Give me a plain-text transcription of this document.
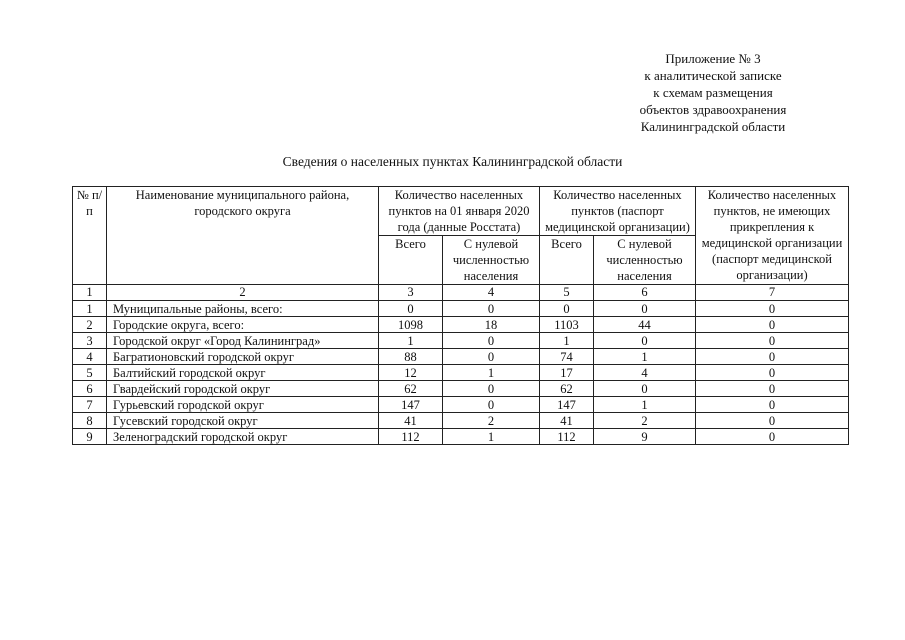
Приложение № 3
к аналитической записке
к схемам размещения
объектов здравоохранения
Калининградской области
Сведения о населенных пунктах Калининградской области
№ п/п	Наименование муниципального района, городского округа	Количество населенных пунктов на 01 января 2020 года (данные Росстата)		Количество населенных пунктов (паспорт медицинской организации)		Количество населенных пунктов, не имеющих прикрепления к медицинской организации (паспорт медицинской организации)
		Всего	С нулевой численностью населения	Всего	С нулевой численностью населения	
1	2	3	4	5	6	7
1	Муниципальные районы, всего:	0	0	0	0	0
2	Городские округа, всего:	1098	18	1103	44	0
3	Городской округ «Город Калининград»	1	0	1	0	0
4	Багратионовский городской округ	88	0	74	1	0
5	Балтийский городской округ	12	1	17	4	0
6	Гвардейский городской округ	62	0	62	0	0
7	Гурьевский городской округ	147	0	147	1	0
8	Гусевский городской округ	41	2	41	2	0
9	Зеленоградский городской округ	112	1	112	9	0
